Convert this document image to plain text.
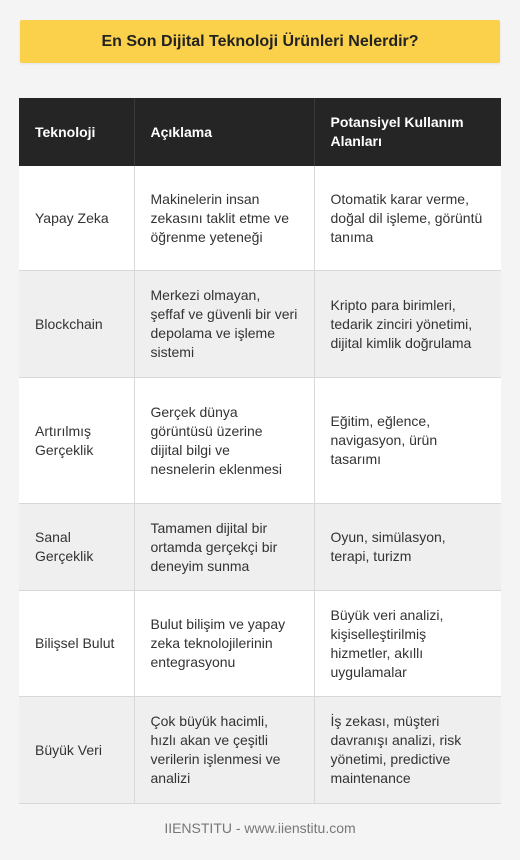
En Son Dijital Teknoloji Ürünleri Nelerdir?
Teknoloji	Açıklama	Potansiyel Kullanım Alanları
Yapay Zeka	Makinelerin insan zekasını taklit etme ve öğrenme yeteneği	Otomatik karar verme, doğal dil işleme, görüntü tanıma
Blockchain	Merkezi olmayan, şeffaf ve güvenli bir veri depolama ve işleme sistemi	Kripto para birimleri, tedarik zinciri yönetimi, dijital kimlik doğrulama
Artırılmış Gerçeklik	Gerçek dünya görüntüsü üzerine dijital bilgi ve nesnelerin eklenmesi	Eğitim, eğlence, navigasyon, ürün tasarımı
Sanal Gerçeklik	Tamamen dijital bir ortamda gerçekçi bir deneyim sunma	Oyun, simülasyon, terapi, turizm
Bilişsel Bulut	Bulut bilişim ve yapay zeka teknolojilerinin entegrasyonu	Büyük veri analizi, kişiselleştirilmiş hizmetler, akıllı uygulamalar
Büyük Veri	Çok büyük hacimli, hızlı akan ve çeşitli verilerin işlenmesi ve analizi	İş zekası, müşteri davranışı analizi, risk yönetimi, predictive maintenance
IIENSTITU - www.iienstitu.com
